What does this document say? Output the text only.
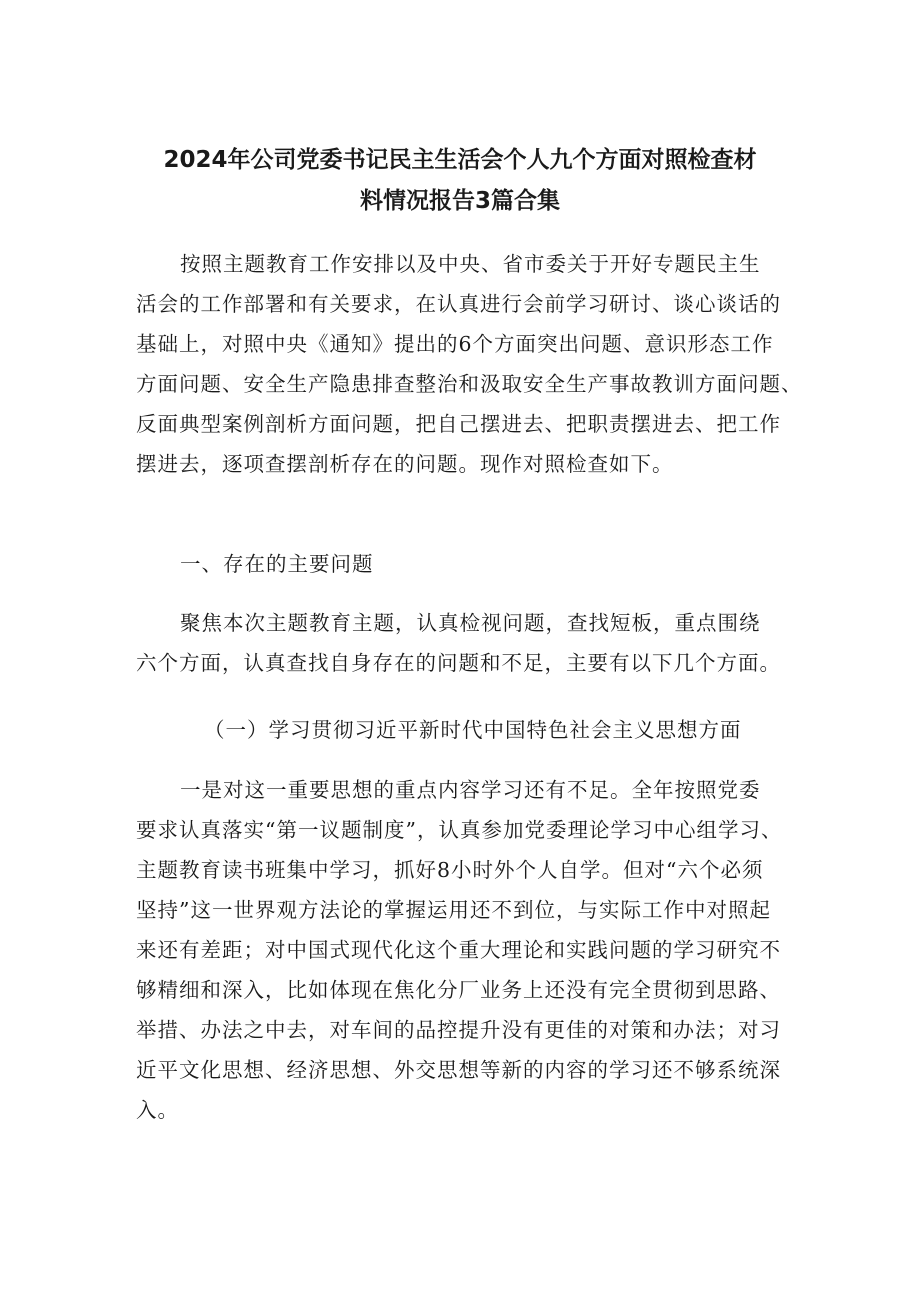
2024年公司党委书记民主生活会个人九个方面对照检查材
料情况报告3篇合集
按照主题教育工作安排以及中央、省市委关于开好专题民主生
活会的工作部署和有关要求，在认真进行会前学习研讨、谈心谈话的
基础上，对照中央《通知》提出的6个方面突出问题、意识形态工作
方面问题、安全生产隐患排查整治和汲取安全生产事故教训方面问题、
反面典型案例剖析方面问题，把自己摆进去、把职责摆进去、把工作
摆进去，逐项查摆剖析存在的问题。现作对照检查如下。
一、存在的主要问题
聚焦本次主题教育主题，认真检视问题，查找短板，重点围绕
六个方面，认真查找自身存在的问题和不足，主要有以下几个方面。
（一）学习贯彻习近平新时代中国特色社会主义思想方面
一是对这一重要思想的重点内容学习还有不足。全年按照党委
要求认真落实“第一议题制度”，认真参加党委理论学习中心组学习、
主题教育读书班集中学习，抓好8小时外个人自学。但对“六个必须
坚持”这一世界观方法论的掌握运用还不到位，与实际工作中对照起
来还有差距；对中国式现代化这个重大理论和实践问题的学习研究不
够精细和深入，比如体现在焦化分厂业务上还没有完全贯彻到思路、
举措、办法之中去，对车间的品控提升没有更佳的对策和办法；对习
近平文化思想、经济思想、外交思想等新的内容的学习还不够系统深
入。
